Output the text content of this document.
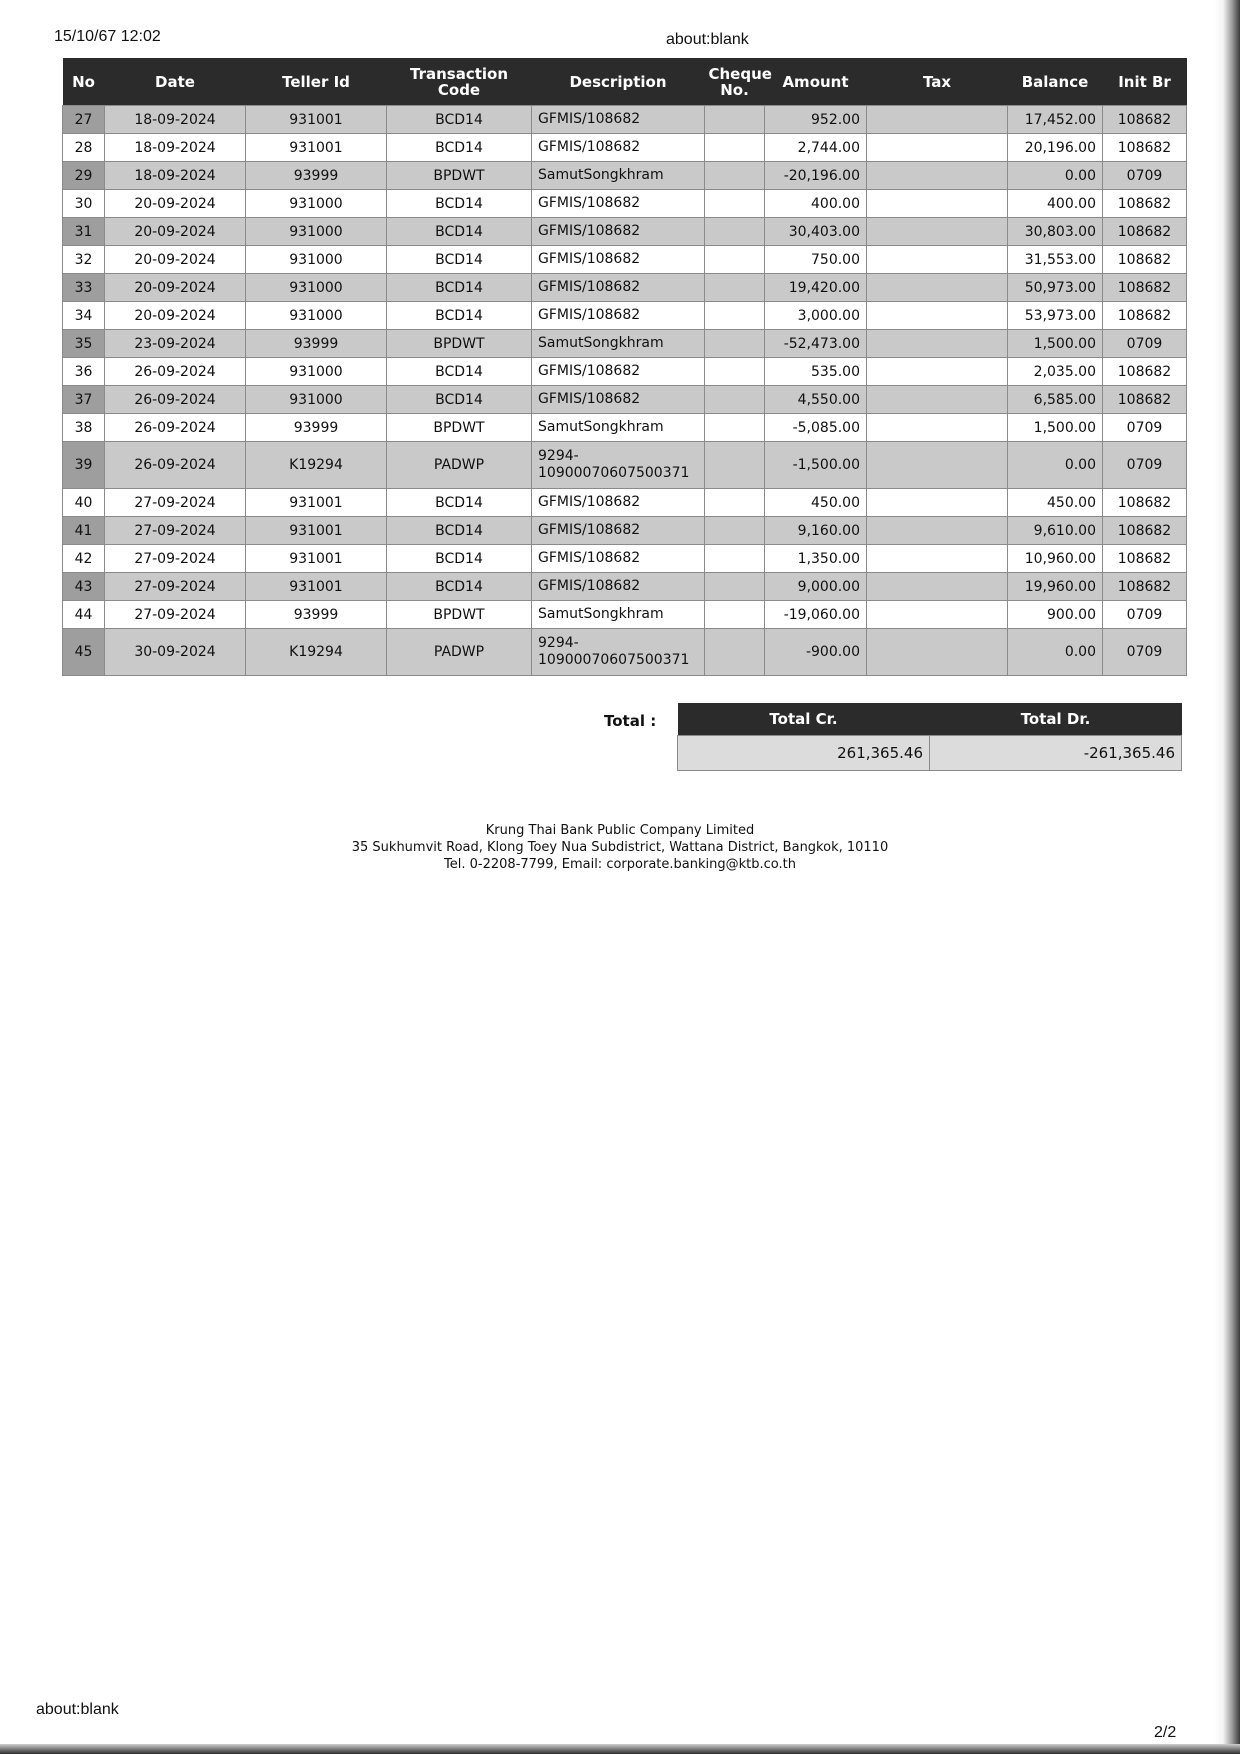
15/10/67 12:02	about:blank
No	Date	Teller Id	Transaction Code	Description	Cheque No.	Amount	Tax	Balance	Init Br
27	18-09-2024	931001	BCD14	GFMIS/108682		952.00		17,452.00	108682
28	18-09-2024	931001	BCD14	GFMIS/108682		2,744.00		20,196.00	108682
29	18-09-2024	93999	BPDWT	SamutSongkhram		-20,196.00		0.00	0709
30	20-09-2024	931000	BCD14	GFMIS/108682		400.00		400.00	108682
31	20-09-2024	931000	BCD14	GFMIS/108682		30,403.00		30,803.00	108682
32	20-09-2024	931000	BCD14	GFMIS/108682		750.00		31,553.00	108682
33	20-09-2024	931000	BCD14	GFMIS/108682		19,420.00		50,973.00	108682
34	20-09-2024	931000	BCD14	GFMIS/108682		3,000.00		53,973.00	108682
35	23-09-2024	93999	BPDWT	SamutSongkhram		-52,473.00		1,500.00	0709
36	26-09-2024	931000	BCD14	GFMIS/108682		535.00		2,035.00	108682
37	26-09-2024	931000	BCD14	GFMIS/108682		4,550.00		6,585.00	108682
38	26-09-2024	93999	BPDWT	SamutSongkhram		-5,085.00		1,500.00	0709
39	26-09-2024	K19294	PADWP	9294-
10900070607500371		-1,500.00		0.00	0709
40	27-09-2024	931001	BCD14	GFMIS/108682		450.00		450.00	108682
41	27-09-2024	931001	BCD14	GFMIS/108682		9,160.00		9,610.00	108682
42	27-09-2024	931001	BCD14	GFMIS/108682		1,350.00		10,960.00	108682
43	27-09-2024	931001	BCD14	GFMIS/108682		9,000.00		19,960.00	108682
44	27-09-2024	93999	BPDWT	SamutSongkhram		-19,060.00		900.00	0709
45	30-09-2024	K19294	PADWP	9294-
10900070607500371		-900.00		0.00	0709
Total :	Total Cr.	Total Dr.
261,365.46	-261,365.46
Krung Thai Bank Public Company Limited
35 Sukhumvit Road, Klong Toey Nua Subdistrict, Wattana District, Bangkok, 10110
Tel. 0-2208-7799, Email: corporate.banking@ktb.co.th
about:blank
2/2
